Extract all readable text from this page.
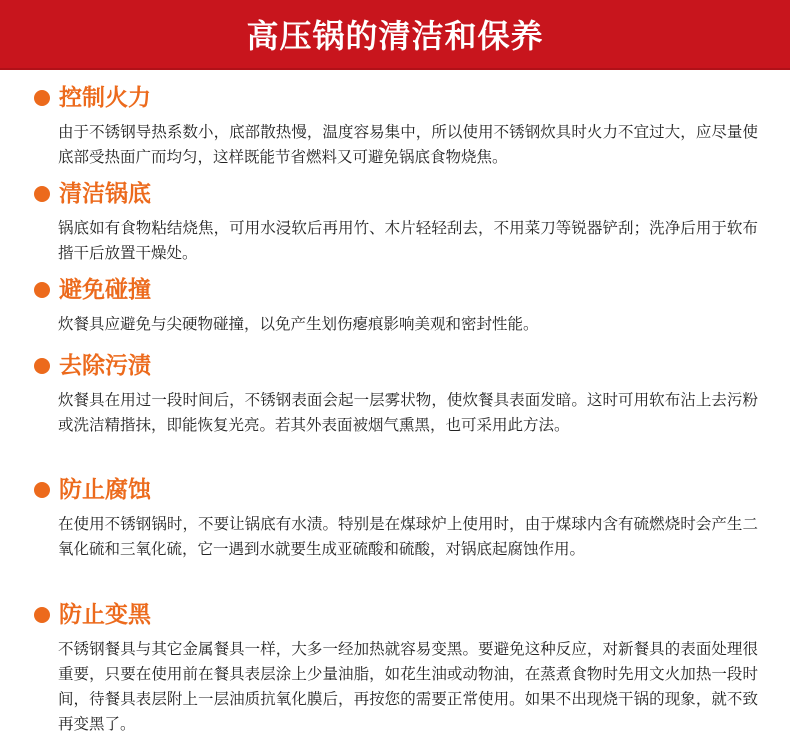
高压锅的清洁和保养
控制火力
由于不锈钢导热系数小，底部散热慢，温度容易集中，所以使用不锈钢炊具时火力不宜过大，应尽量使底部受热面广而均匀，这样既能节省燃料又可避免锅底食物烧焦。
清洁锅底
锅底如有食物粘结烧焦，可用水浸软后再用竹、木片轻轻刮去，不用菜刀等锐器铲刮；洗净后用于软布揩干后放置干燥处。
避免碰撞
炊餐具应避免与尖硬物碰撞，以免产生划伤瘪痕影响美观和密封性能。
去除污渍
炊餐具在用过一段时间后，不锈钢表面会起一层雾状物，使炊餐具表面发暗。这时可用软布沾上去污粉或洗洁精揩抹，即能恢复光亮。若其外表面被烟气熏黑，也可采用此方法。
防止腐蚀
在使用不锈钢锅时，不要让锅底有水渍。特别是在煤球炉上使用时，由于煤球内含有硫燃烧时会产生二氧化硫和三氧化硫，它一遇到水就要生成亚硫酸和硫酸，对锅底起腐蚀作用。
防止变黑
不锈钢餐具与其它金属餐具一样，大多一经加热就容易变黑。要避免这种反应，对新餐具的表面处理很重要，只要在使用前在餐具表层涂上少量油脂，如花生油或动物油，在蒸煮食物时先用文火加热一段时间，待餐具表层附上一层油质抗氧化膜后，再按您的需要正常使用。如果不出现烧干锅的现象，就不致再变黑了。
